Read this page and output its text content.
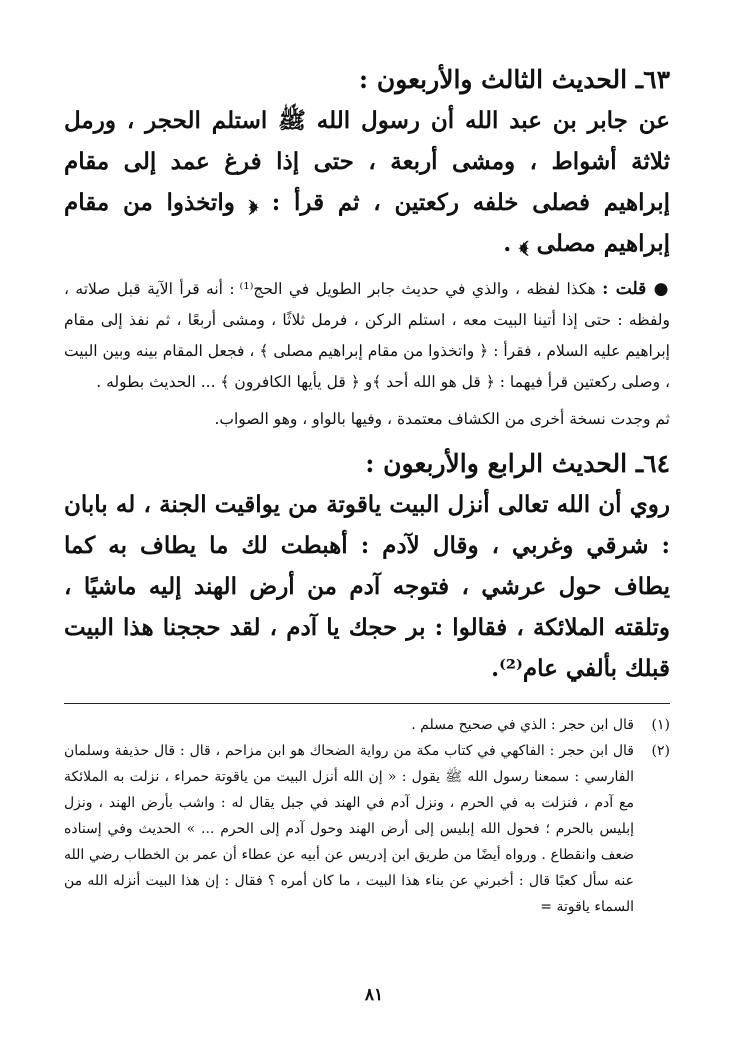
٦٣ـ الحديث الثالث والأربعون :

عن جابر بن عبد الله أن رسول الله ﷺ استلم الحجر ، ورمل ثلاثة أشواط ، ومشى أربعة ، حتى إذا فرغ عمد إلى مقام إبراهيم فصلى خلفه ركعتين ، ثم قرأ : ﴿ واتخذوا من مقام إبراهيم مصلى ﴾ .

● قلت : هكذا لفظه ، والذي في حديث جابر الطويل في الحج⁽¹⁾ : أنه قرأ الآية قبل صلاته ، ولفظه : حتى إذا أتينا البيت معه ، استلم الركن ، فرمل ثلاثًا ، ومشى أربعًا ، ثم نفذ إلى مقام إبراهيم عليه السلام ، فقرأ : ﴿ واتخذوا من مقام إبراهيم مصلى ﴾ ، فجعل المقام بينه وبين البيت ، وصلى ركعتين قرأ فيهما : ﴿ قل هو الله أحد ﴾و ﴿ قل يأيها الكافرون ﴾ ... الحديث بطوله .

ثم وجدت نسخة أخرى من الكشاف معتمدة ، وفيها بالواو ، وهو الصواب.

٦٤ـ الحديث الرابع والأربعون :

روي أن الله تعالى أنزل البيت ياقوتة من يواقيت الجنة ، له بابان : شرقي وغربي ، وقال لآدم : أهبطت لك ما يطاف به كما يطاف حول عرشي ، فتوجه آدم من أرض الهند إليه ماشيًا ، وتلقته الملائكة ، فقالوا : بر حجك يا آدم ، لقد حججنا هذا البيت قبلك بألفي عام⁽²⁾.

(١)
قال ابن حجر : الذي في صحيح مسلم .
(٢)
قال ابن حجر : الفاكهي في كتاب مكة من رواية الضحاك هو ابن مزاحم ، قال : قال حذيفة وسلمان الفارسي : سمعنا رسول الله ﷺ يقول : « إن الله أنزل البيت من ياقوتة حمراء ، نزلت به الملائكة مع آدم ، فنزلت به في الحرم ، ونزل آدم في الهند في جبل يقال له : واشب بأرض الهند ، ونزل إبليس بالحرم ؛ فحول الله إبليس إلى أرض الهند وحول آدم إلى الحرم ... » الحديث وفي إسناده ضعف وانقطاع . ورواه أيضًا من طريق ابن إدريس عن أبيه عن عطاء أن عمر بن الخطاب رضي الله عنه سأل كعبًا قال : أخبرني عن بناء هذا البيت ، ما كان أمره ؟ فقال : إن هذا البيت أنزله الله من السماء ياقوتة =
٨١
